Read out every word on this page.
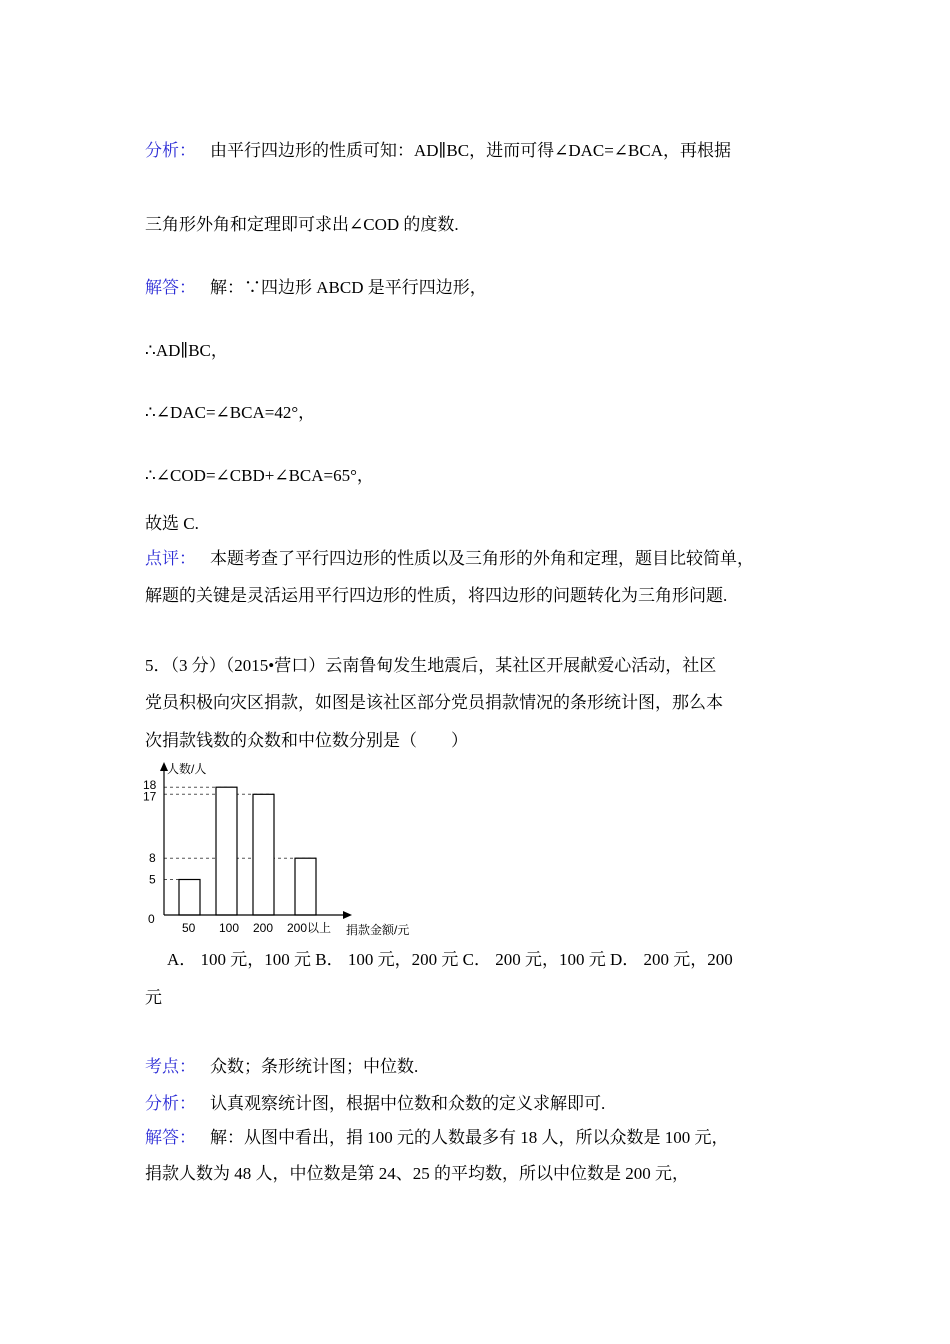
分析： 由平行四边形的性质可知：AD∥BC，进而可得∠DAC=∠BCA，再根据
三角形外角和定理即可求出∠COD 的度数.
解答： 解：∵四边形 ABCD 是平行四边形，
∴AD∥BC，
∴∠DAC=∠BCA=42°，
∴∠COD=∠CBD+∠BCA=65°，
故选 C.
点评： 本题考查了平行四边形的性质以及三角形的外角和定理，题目比较简单，
解题的关键是灵活运用平行四边形的性质，将四边形的问题转化为三角形问题.
5．（3 分）（2015•营口）云南鲁甸发生地震后，某社区开展献爱心活动，社区
党员积极向灾区捐款，如图是该社区部分党员捐款情况的条形统计图，那么本
次捐款钱数的众数和中位数分别是（　　）
人数/人
捐款金额/元
0
50 100 200 200以上
18
17
8
5
A． 100 元，100 元 B． 100 元，200 元 C． 200 元，100 元 D． 200 元，200
元
考点： 众数；条形统计图；中位数.
分析： 认真观察统计图，根据中位数和众数的定义求解即可.
解答： 解：从图中看出，捐 100 元的人数最多有 18 人，所以众数是 100 元，
捐款人数为 48 人，中位数是第 24、25 的平均数，所以中位数是 200 元，
